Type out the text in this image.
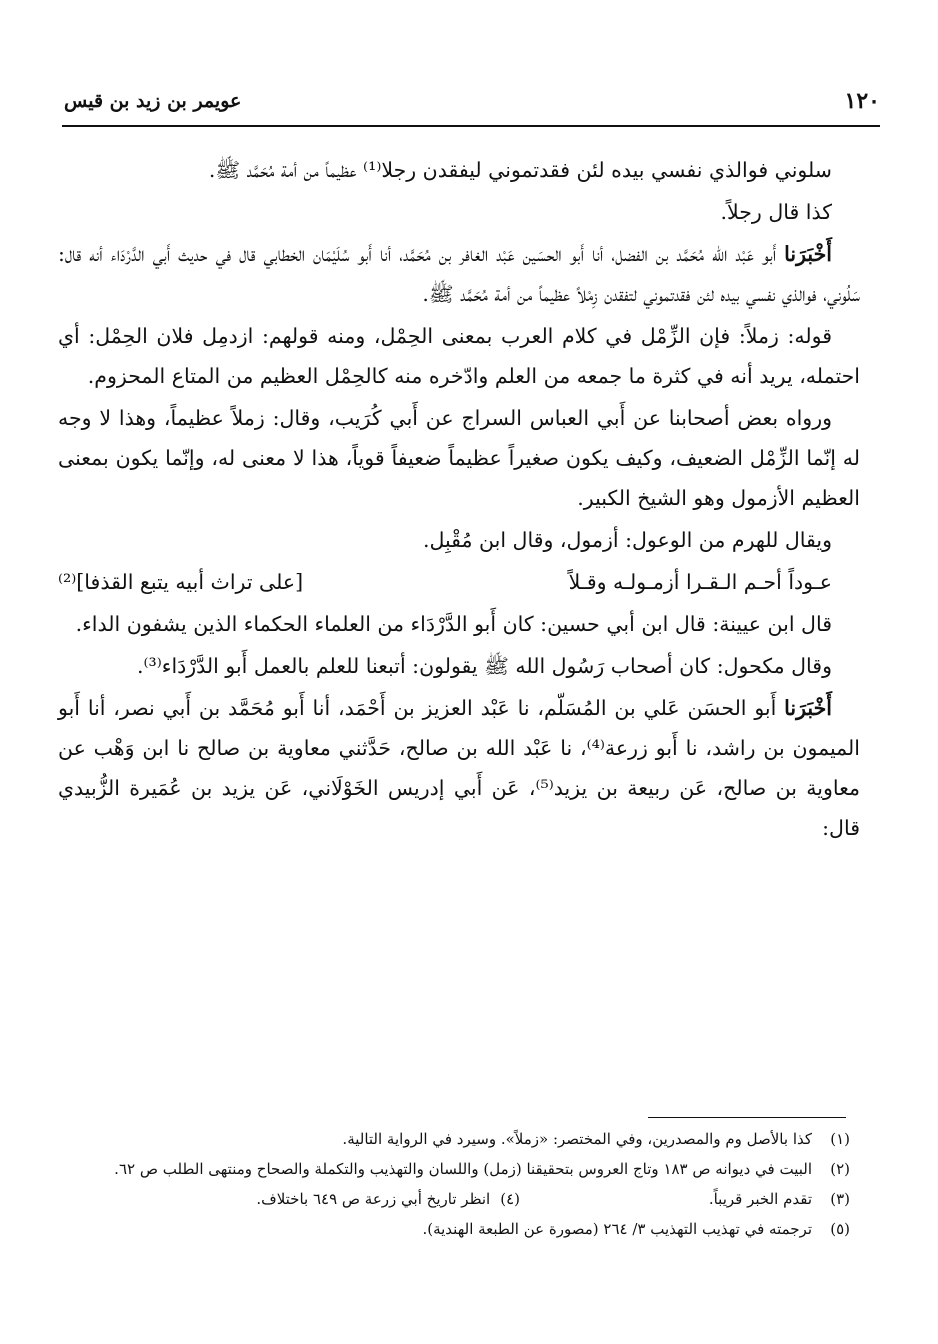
١٢٠
عويمر بن زيد بن قيس

سلوني فوالذي نفسي بيده لئن فقدتموني ليفقدن رجلا⁽¹⁾ عظيماً من أمة مُحَمَّد ﷺ.

كذا قال رجلاً.

أَخْبَرَنا أَبو عَبْد الله مُحَمَّد بن الفضل، أنا أَبو الحسَين عَبْد الغافر بن مُحَمَّد، أنا أَبو سُلَيْمَان الخطابي قال في حديث أَبي الدَّرْدَاء أنه قال: سَلُوني، فوالذي نفسي بيده لئن فقدتموني لتفقدن زِمْلاً عظيماً من أمة مُحَمَّد ﷺ.

قوله: زملاً: فإن الزِّمْل في كلام العرب بمعنى الحِمْل، ومنه قولهم: ازدمِل فلان الحِمْل: أي احتمله، يريد أنه في كثرة ما جمعه من العلم وادّخره منه كالحِمْل العظيم من المتاع المحزوم.

ورواه بعض أصحابنا عن أَبي العباس السراج عن أَبي كُرَيب، وقال: زملاً عظيماً، وهذا لا وجه له إنّما الزِّمْل الضعيف، وكيف يكون صغيراً عظيماً ضعيفاً قوياً، هذا لا معنى له، وإنّما يكون بمعنى العظيم الأزمول وهو الشيخ الكبير.

ويقال للهرم من الوعول: أزمول، وقال ابن مُقْبِل.

عـوداً أحـم الـقـرا أزمـولـه وقـلاً
[على تراث أبيه يتبع القذفا]⁽²⁾

قال ابن عيينة: قال ابن أبي حسين: كان أَبو الدَّرْدَاء من العلماء الحكماء الذين يشفون الداء.

وقال مكحول: كان أصحاب رَسُول الله ﷺ يقولون: أتبعنا للعلم بالعمل أَبو الدَّرْدَاء⁽³⁾.

أَخْبَرَنا أَبو الحسَن عَلي بن المُسَلّم، نا عَبْد العزيز بن أَحْمَد، أنا أَبو مُحَمَّد بن أَبي نصر، أنا أَبو الميمون بن راشد، نا أَبو زرعة⁽⁴⁾، نا عَبْد الله بن صالح، حَدَّثني معاوية بن صالح نا ابن وَهْب عن معاوية بن صالح، عَن ربيعة بن يزيد⁽⁵⁾، عَن أَبي إدريس الخَوْلَاني، عَن يزيد بن عُمَيرة الزُّبيدي قال:

(١)
كذا بالأصل وم والمصدرين، وفي المختصر: «زملاً». وسيرد في الرواية التالية.
(٢)
البيت في ديوانه ص ١٨٣ وتاج العروس بتحقيقنا (زمل) واللسان والتهذيب والتكملة والصحاح ومنتهى الطلب ص ٦٢.
(٣)
تقدم الخبر قريباً.
(٤)انظر تاريخ أبي زرعة ص ٦٤٩ باختلاف.
(٥)
ترجمته في تهذيب التهذيب ٣/ ٢٦٤ (مصورة عن الطبعة الهندية).
